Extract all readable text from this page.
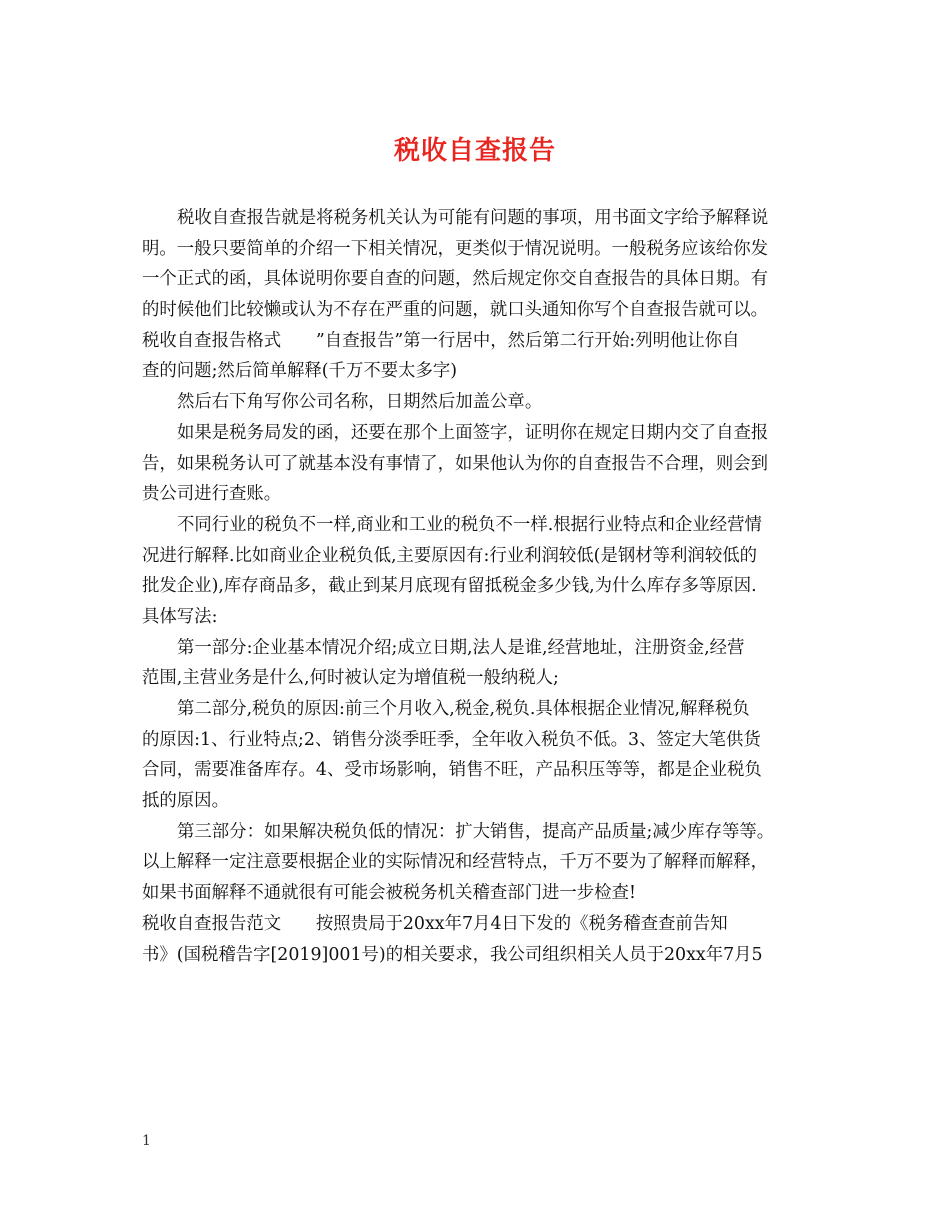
税收自查报告
税收自查报告就是将税务机关认为可能有问题的事项，用书面文字给予解释说
明。一般只要简单的介绍一下相关情况，更类似于情况说明。一般税务应该给你发
一个正式的函，具体说明你要自查的问题，然后规定你交自查报告的具体日期。有
的时候他们比较懒或认为不存在严重的问题，就口头通知你写个自查报告就可以。
税收自查报告格式　　”自查报告”第一行居中，然后第二行开始:列明他让你自
查的问题;然后简单解释(千万不要太多字)
然后右下角写你公司名称，日期然后加盖公章。
如果是税务局发的函，还要在那个上面签字，证明你在规定日期内交了自查报
告，如果税务认可了就基本没有事情了，如果他认为你的自查报告不合理，则会到
贵公司进行查账。
不同行业的税负不一样,商业和工业的税负不一样.根据行业特点和企业经营情
况进行解释.比如商业企业税负低,主要原因有:行业利润较低(是钢材等利润较低的
批发企业),库存商品多，截止到某月底现有留抵税金多少钱,为什么库存多等原因.
具体写法:
第一部分:企业基本情况介绍;成立日期,法人是谁,经营地址，注册资金,经营
范围,主营业务是什么,何时被认定为增值税一般纳税人;
第二部分,税负的原因:前三个月收入,税金,税负.具体根据企业情况,解释税负
的原因:1、行业特点;2、销售分淡季旺季，全年收入税负不低。3、签定大笔供货
合同，需要准备库存。4、受市场影响，销售不旺，产品积压等等，都是企业税负
抵的原因。
第三部分：如果解决税负低的情况：扩大销售，提高产品质量;减少库存等等。
以上解释一定注意要根据企业的实际情况和经营特点，千万不要为了解释而解释，
如果书面解释不通就很有可能会被税务机关稽查部门进一步检查!
税收自查报告范文　　按照贵局于20xx年7月4日下发的《税务稽查查前告知
书》(国税稽告字[2019]001号)的相关要求，我公司组织相关人员于20xx年7月5
1
